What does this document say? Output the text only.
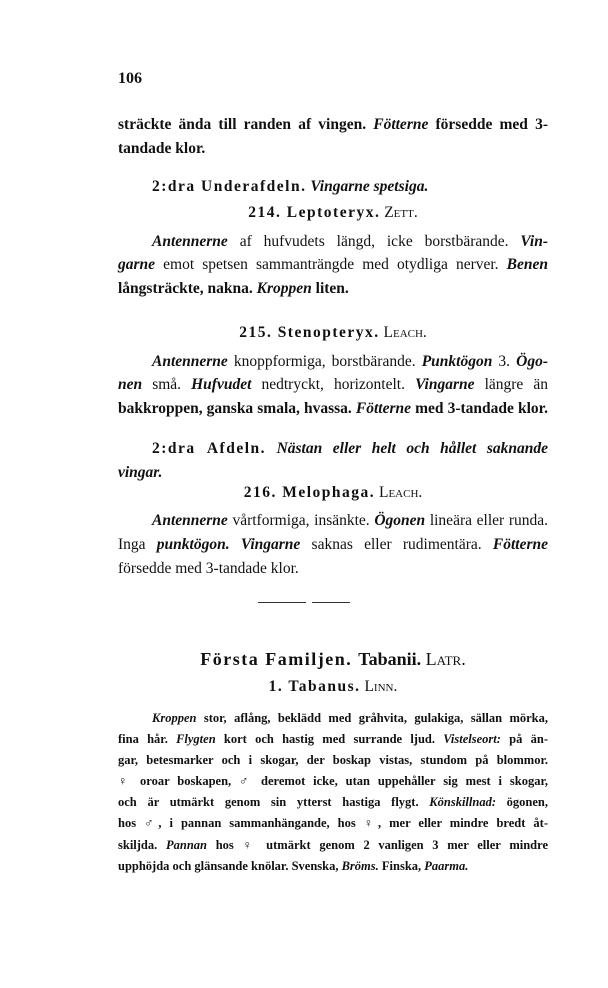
106
sträckte ända till randen af vingen. Fötterne försedde med 3-
tandade klor.
2:dra Underafdeln. Vingarne spetsiga.
214. Leptoteryx. Zett.
Antennerne af hufvudets längd, icke borstbärande. Vin-
garne emot spetsen sammanträngde med otydliga nerver. Benen
långsträckte, nakna. Kroppen liten.
215. Stenopteryx. Leach.
Antennerne knoppformiga, borstbärande. Punktögon 3. Ögo-
nen små. Hufvudet nedtryckt, horizontelt. Vingarne längre än
bakkroppen, ganska smala, hvassa. Fötterne med 3-tandade klor.
2:dra Afdeln. Nästan eller helt och hållet saknande
vingar.
216. Melophaga. Leach.
Antennerne vårtformiga, insänkte. Ögonen lineära eller runda.
Inga punktögon. Vingarne saknas eller rudimentära. Fötterne
försedde med 3-tandade klor.
Första Familjen. Tabanii. Latr.
1. Tabanus. Linn.
Kroppen stor, aflång, beklädd med gråhvita, gulakiga, sällan mörka,
fina hår. Flygten kort och hastig med surrande ljud. Vistelseort: på än-
gar, betesmarker och i skogar, der boskap vistas, stundom på blommor.
♀ oroar boskapen, ♂ deremot icke, utan uppehåller sig mest i skogar,
och är utmärkt genom sin ytterst hastiga flygt. Könskillnad: ögonen,
hos ♂, i pannan sammanhängande, hos ♀, mer eller mindre bredt åt-
skiljda. Pannan hos ♀ utmärkt genom 2 vanligen 3 mer eller mindre
upphöjda och glänsande knölar. Svenska, Bröms. Finska, Paarma.
